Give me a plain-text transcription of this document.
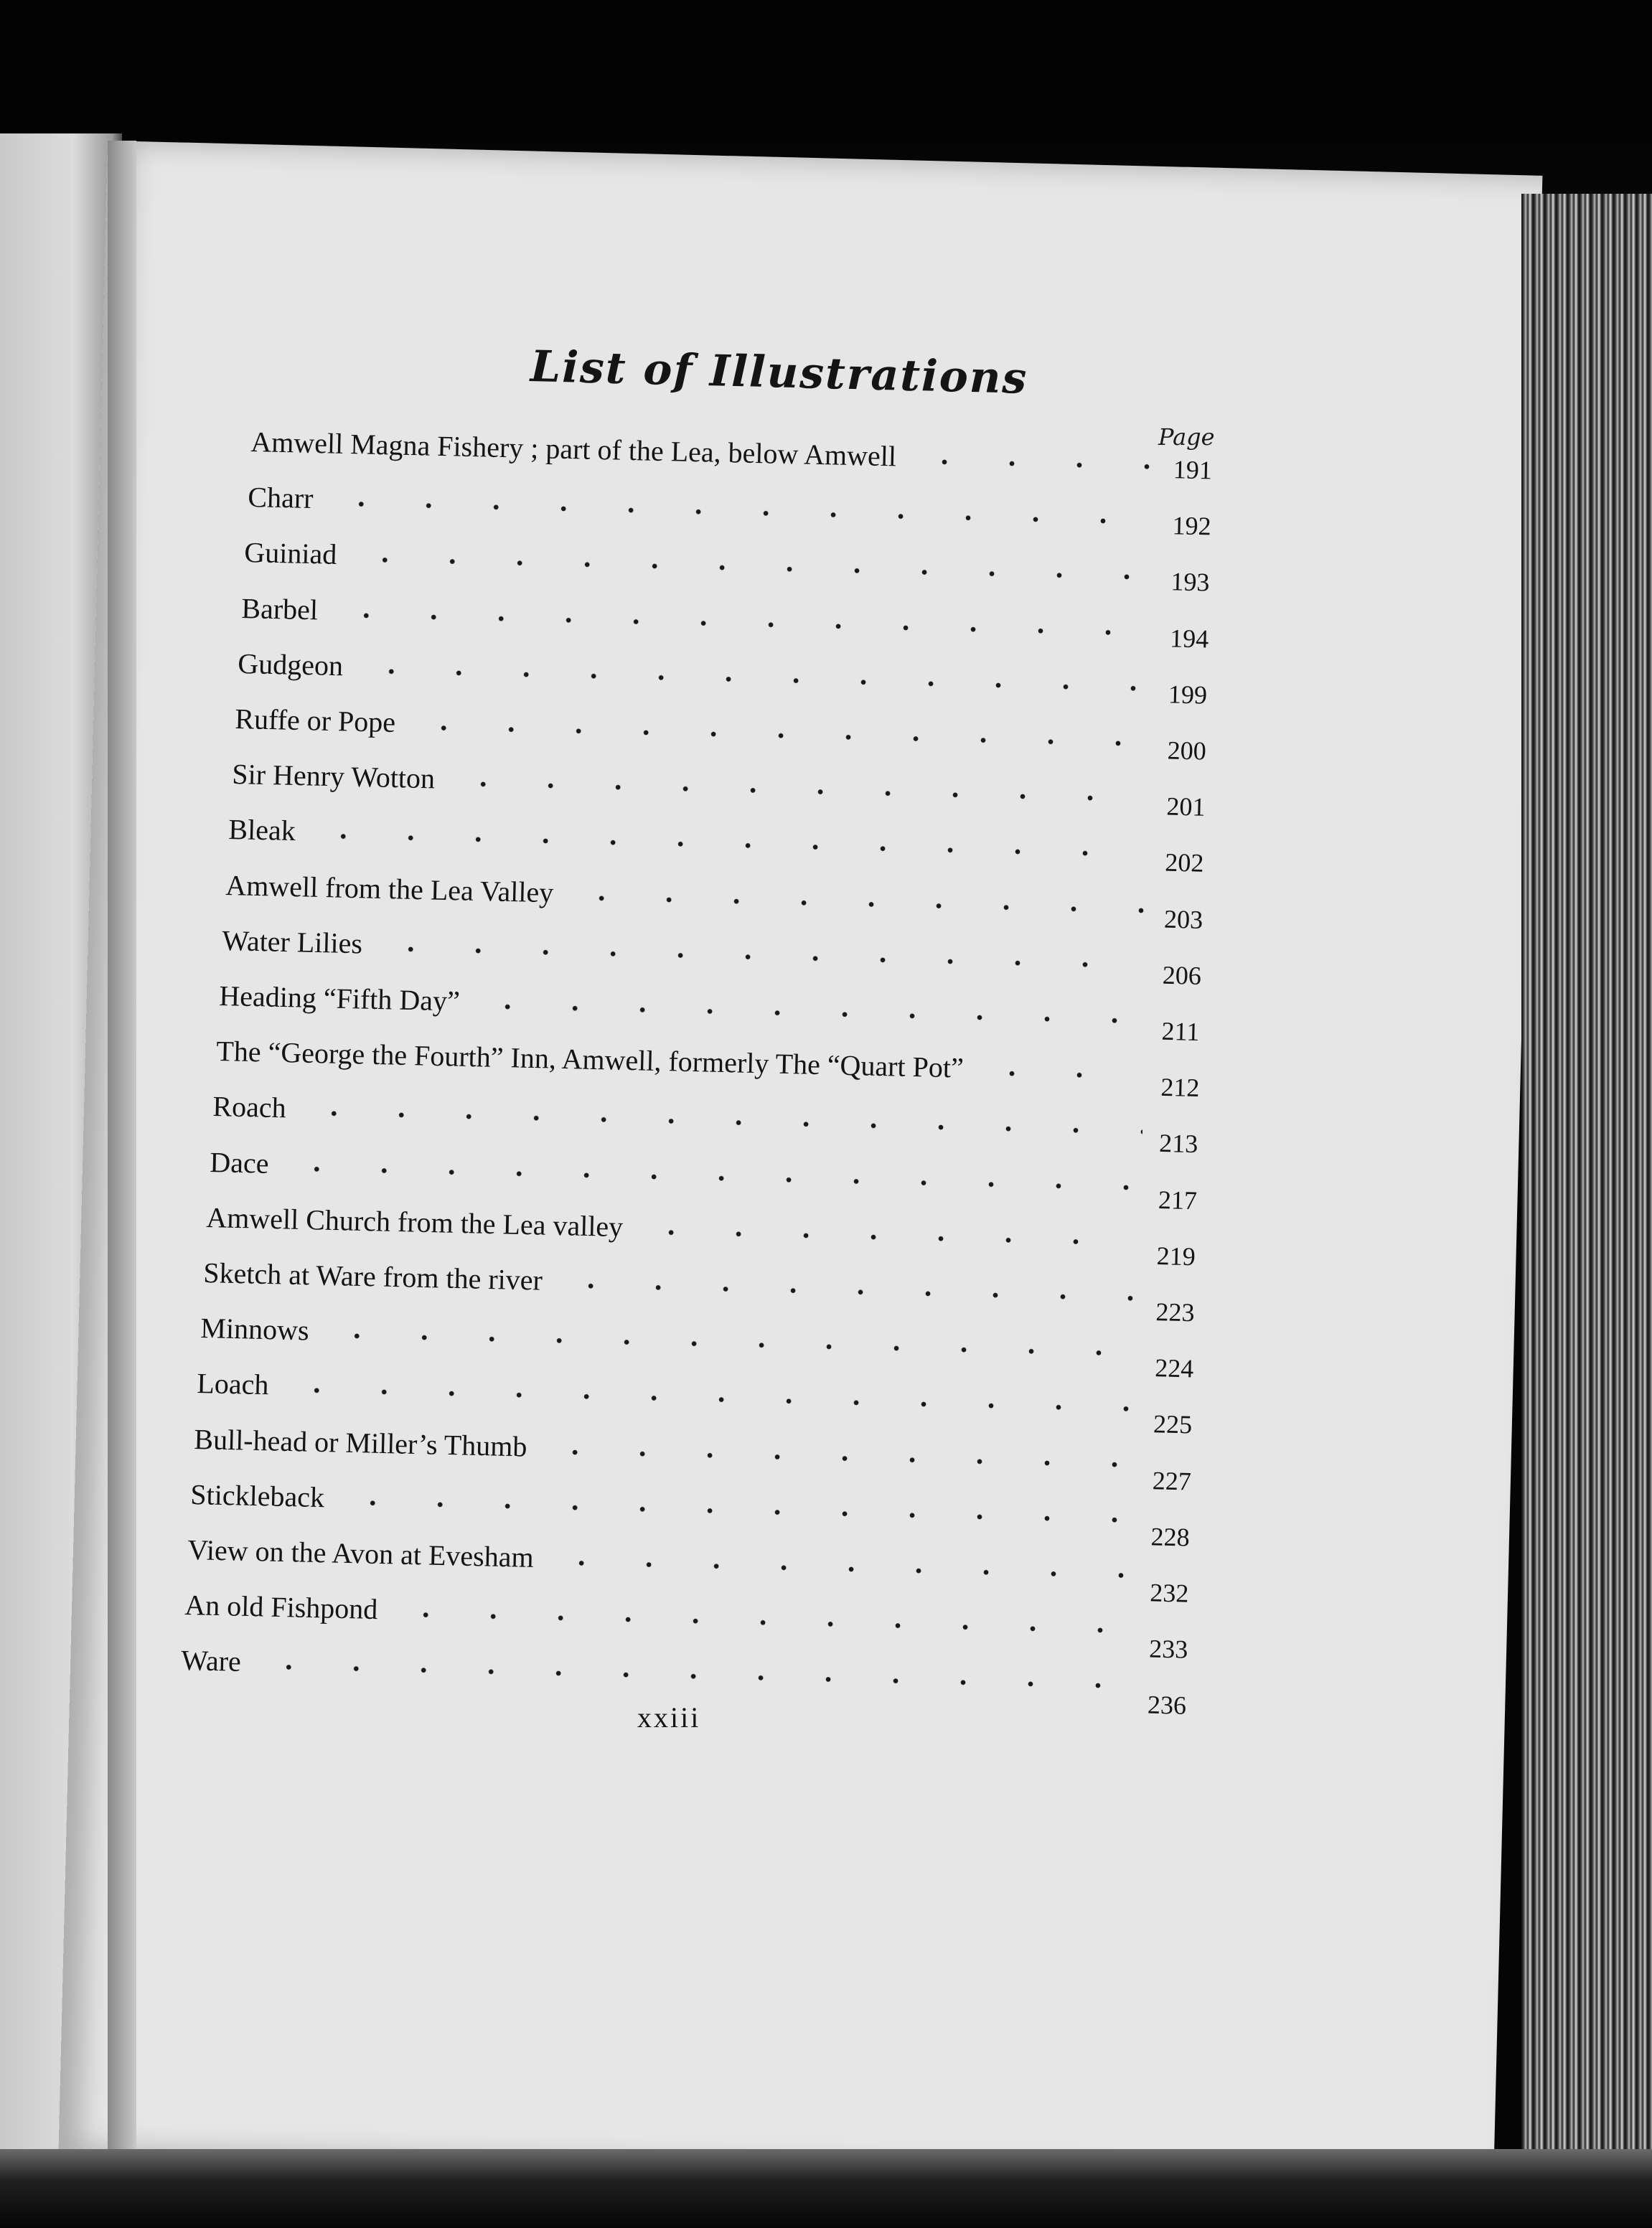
List of Illustrations
Page
Amwell Magna Fishery ; part of the Lea, below Amwell	191
Charr
192
Guiniad
193
Barbel
194
Gudgeon
199
Ruffe or Pope
200
Sir Henry Wotton
201
Bleak
202
Amwell from the Lea Valley
203
Water Lilies
206
Heading “Fifth Day”
211
The “George the Fourth” Inn, Amwell, formerly The “Quart Pot”
212
Roach
213
Dace
217
Amwell Church from the Lea valley
219
Sketch at Ware from the river
223
Minnows
224
Loach
225
Bull-head or Miller’s Thumb
227
Stickleback
228
View on the Avon at Evesham
232
An old Fishpond
233
Ware
236
xxiii
